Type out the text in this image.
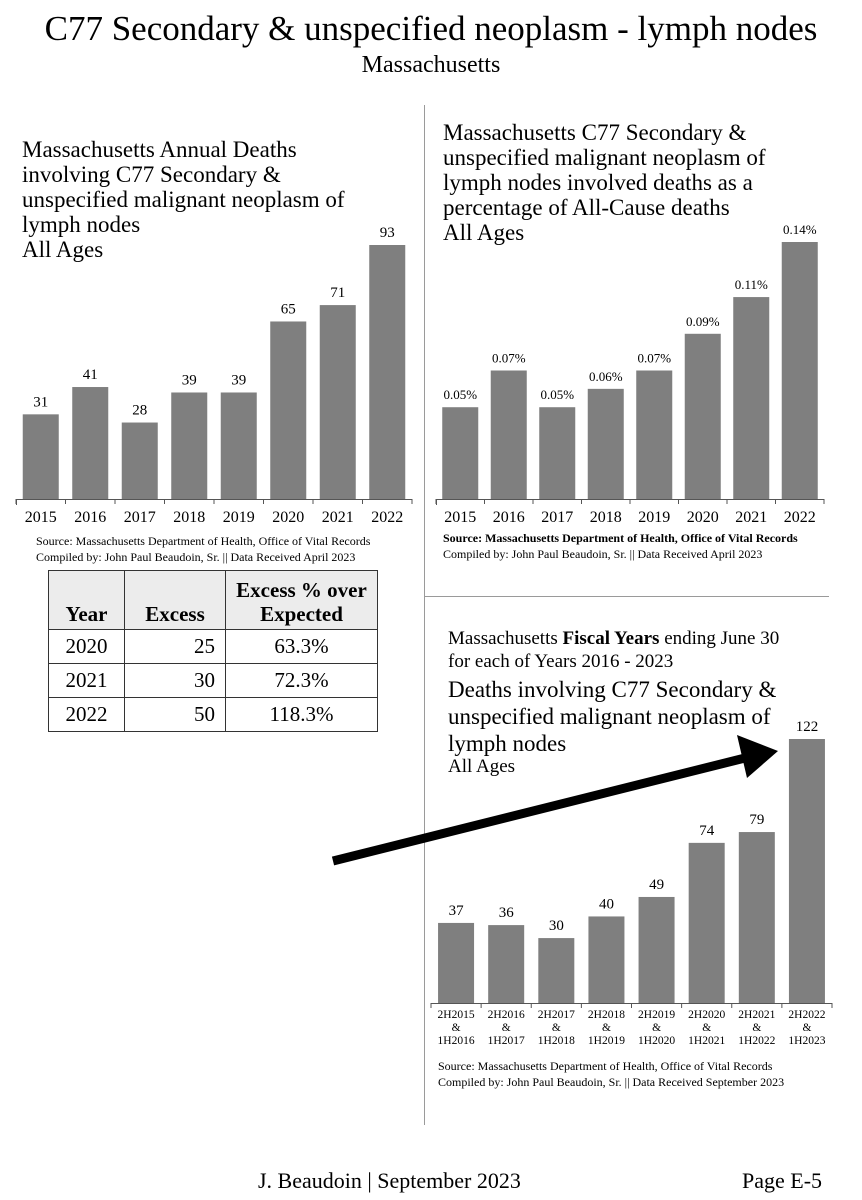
C77 Secondary & unspecified neoplasm - lymph nodes
Massachusetts
Massachusetts Annual Deaths
involving C77 Secondary &
unspecified malignant neoplasm of
lymph nodes
All Ages
31
2015
41
2016
28
2017
39
2018
39
2019
65
2020
71
2021
93
2022
Source: Massachusetts Department of Health, Office of Vital Records
Compiled by: John Paul Beaudoin, Sr. || Data Received April 2023
Year	Excess	Excess % over
Expected
2020	25	63.3%
2021	30	72.3%
2022	50	118.3%
Massachusetts C77 Secondary &
unspecified malignant neoplasm of
lymph nodes involved deaths as a
percentage of All-Cause deaths
All Ages
0.05%
2015
0.07%
2016
0.05%
2017
0.06%
2018
0.07%
2019
0.09%
2020
0.11%
2021
0.14%
2022
Source: Massachusetts Department of Health, Office of Vital Records
Compiled by: John Paul Beaudoin, Sr. || Data Received April 2023
Massachusetts Fiscal Years ending June 30
for each of Years 2016 - 2023
Deaths involving C77 Secondary &
unspecified malignant neoplasm of
lymph nodes
All Ages
37
2H2015
&
1H2016
36
2H2016
&
1H2017
30
2H2017
&
1H2018
40
2H2018
&
1H2019
49
2H2019
&
1H2020
74
2H2020
&
1H2021
79
2H2021
&
1H2022
122
2H2022
&
1H2023
Source: Massachusetts Department of Health, Office of Vital Records
Compiled by: John Paul Beaudoin, Sr. || Data Received September 2023
J. Beaudoin | September 2023	Page E-5
